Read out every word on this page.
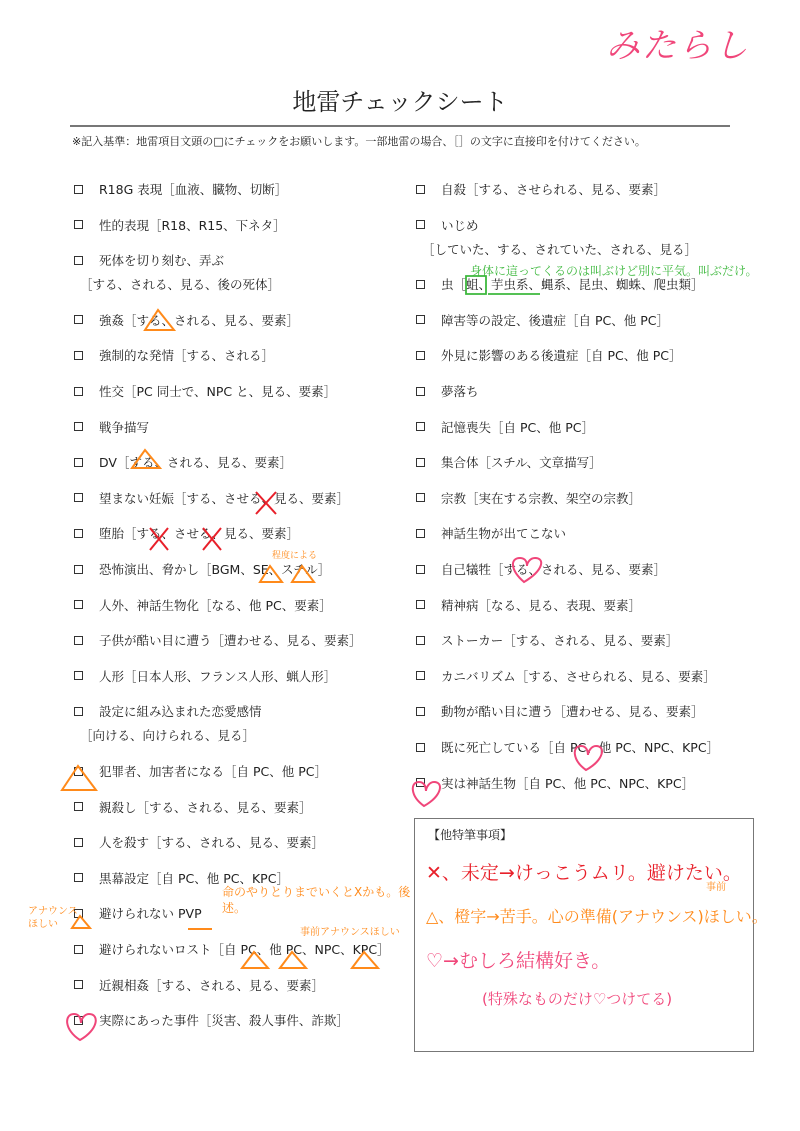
みたらし
地雷チェックシート
※記入基準：地雷項目文頭の□にチェックをお願いします。一部地雷の場合、［］の文字に直接印を付けてください。
R18G 表現［血液、臓物、切断］
性的表現［R18、R15、下ネタ］
死体を切り刻む、弄ぶ
［する、される、見る、後の死体］
強姦［する、される、見る、要素］
強制的な発情［する、される］
性交［PC 同士で、NPC と、見る、要素］
戦争描写
DV［する、される、見る、要素］
望まない妊娠［する、させる、見る、要素］
堕胎［する、させる、見る、要素］
恐怖演出、脅かし［BGM、SE、スチル］
人外、神話生物化［なる、他 PC、要素］
子供が酷い目に遭う［遭わせる、見る、要素］
人形［日本人形、フランス人形、蝋人形］
設定に組み込まれた恋愛感情
［向ける、向けられる、見る］
犯罪者、加害者になる［自 PC、他 PC］
親殺し［する、される、見る、要素］
人を殺す［する、される、見る、要素］
黒幕設定［自 PC、他 PC、KPC］
避けられない PVP
避けられないロスト［自 PC、他 PC、NPC、KPC］
近親相姦［する、される、見る、要素］
実際にあった事件［災害、殺人事件、詐欺］
自殺［する、させられる、見る、要素］
いじめ
［していた、する、されていた、される、見る］
虫［蛆、芋虫系、蝿系、昆虫、蜘蛛、爬虫類］
障害等の設定、後遺症［自 PC、他 PC］
外見に影響のある後遺症［自 PC、他 PC］
夢落ち
記憶喪失［自 PC、他 PC］
集合体［スチル、文章描写］
宗教［実在する宗教、架空の宗教］
神話生物が出てこない
自己犠牲［する、される、見る、要素］
精神病［なる、見る、表現、要素］
ストーカー［する、される、見る、要素］
カニバリズム［する、させられる、見る、要素］
動物が酷い目に遭う［遭わせる、見る、要素］
既に死亡している［自 PC、他 PC、NPC、KPC］
実は神話生物［自 PC、他 PC、NPC、KPC］
【他特筆事項】
✕、未定→けっこうムリ。避けたい。
事前
△、橙字→苦手。心の準備(アナウンス)ほしい。
♡→むしろ結構好き。
(特殊なものだけ♡つけてる)
身体に這ってくるのは叫ぶけど別に平気。叫ぶだけ。
程度による
命のやりとりまでいくとXかも。後述。
アナウンスほしい
事前アナウンスほしい
